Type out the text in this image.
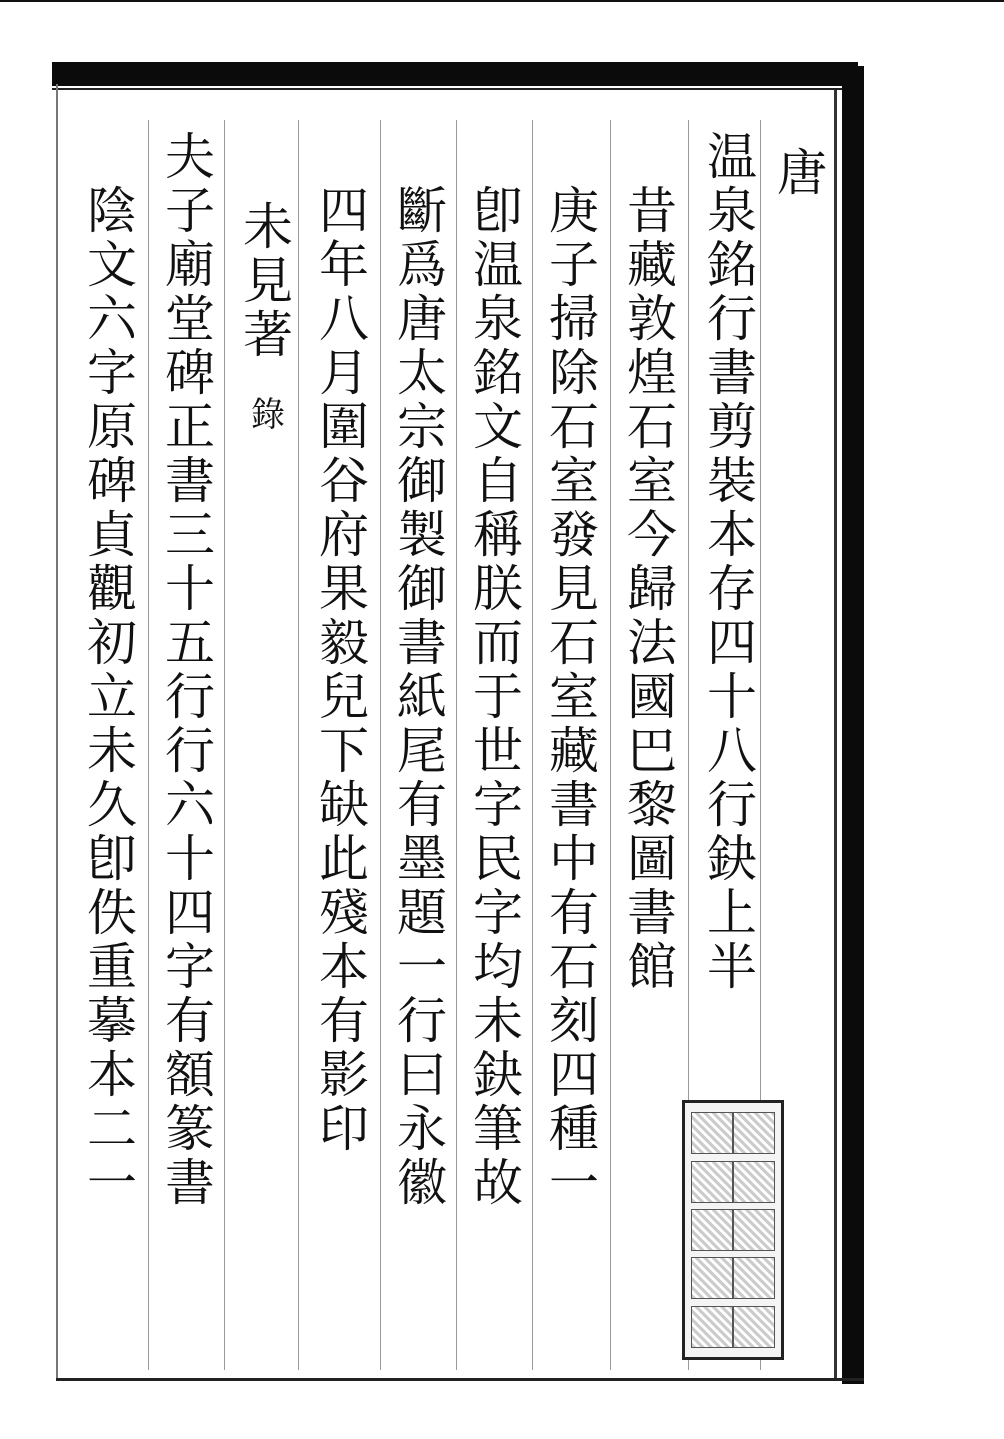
唐
温
泉
銘
行
書
剪
裝
本
存
四
十
八
行
鈌
上
半
昔
藏
敦
煌
石
室
今
歸
法
國
巴
黎
圖
書
館
庚
子
掃
除
石
室
發
見
石
室
藏
書
中
有
石
刻
四
種
一
卽
温
泉
銘
文
自
稱
朕
而
于
世
字
民
字
均
未
鈌
筆
故
斷
爲
唐
太
宗
御
製
御
書
紙
尾
有
墨
題
一
行
曰
永
徽
四
年
八
月
圍
谷
府
果
毅
兒
下
缺
此
殘
本
有
影
印
未
見
著
錄
夫
子
廟
堂
碑
正
書
三
十
五
行
行
六
十
四
字
有
額
篆
書
陰
文
六
字
原
碑
貞
觀
初
立
未
久
卽
佚
重
摹
本
二
一
